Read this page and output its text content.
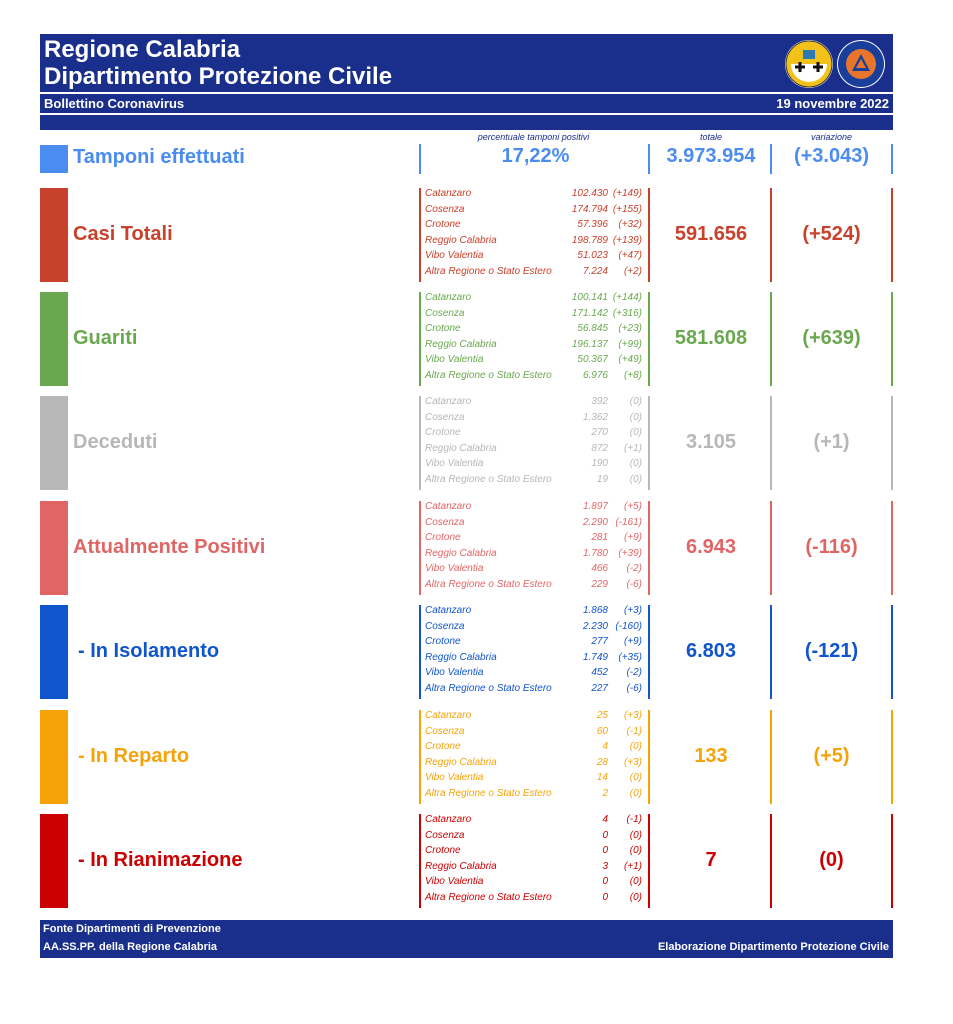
Regione Calabria
Dipartimento Protezione Civile
Bollettino Coronavirus	19 novembre 2022
percentuale tamponi positivi	totale	variazione
Tamponi effettuati	17,22%	3.973.954	(+3.043)
Casi Totali
Catanzaro	102.430 (+149)
Cosenza	174.794 (+155)
Crotone	57.396 (+32)
Reggio Calabria	198.789 (+139)
Vibo Valentia	51.023 (+47)
Altra Regione o Stato Estero	7.224 (+2)
591.656	(+524)
Guariti
Catanzaro	100.141 (+144)
Cosenza	171.142 (+316)
Crotone	56.845 (+23)
Reggio Calabria	196.137 (+99)
Vibo Valentia	50.367 (+49)
Altra Regione o Stato Estero	6.976 (+8)
581.608	(+639)
Deceduti
Catanzaro	392 (0)
Cosenza	1.362 (0)
Crotone	270 (0)
Reggio Calabria	872 (+1)
Vibo Valentia	190 (0)
Altra Regione o Stato Estero	19 (0)
3.105	(+1)
Attualmente Positivi
Catanzaro	1.897 (+5)
Cosenza	2.290 (-161)
Crotone	281 (+9)
Reggio Calabria	1.780 (+39)
Vibo Valentia	466 (-2)
Altra Regione o Stato Estero	229 (-6)
6.943	(-116)
- In Isolamento
Catanzaro	1.868 (+3)
Cosenza	2.230 (-160)
Crotone	277 (+9)
Reggio Calabria	1.749 (+35)
Vibo Valentia	452 (-2)
Altra Regione o Stato Estero	227 (-6)
6.803	(-121)
- In Reparto
Catanzaro	25 (+3)
Cosenza	60 (-1)
Crotone	4 (0)
Reggio Calabria	28 (+3)
Vibo Valentia	14 (0)
Altra Regione o Stato Estero	2 (0)
133	(+5)
- In Rianimazione
Catanzaro	4 (-1)
Cosenza	0 (0)
Crotone	0 (0)
Reggio Calabria	3 (+1)
Vibo Valentia	0 (0)
Altra Regione o Stato Estero	0 (0)
7	(0)
Fonte Dipartimenti di Prevenzione
AA.SS.PP. della Regione Calabria	Elaborazione Dipartimento Protezione Civile
